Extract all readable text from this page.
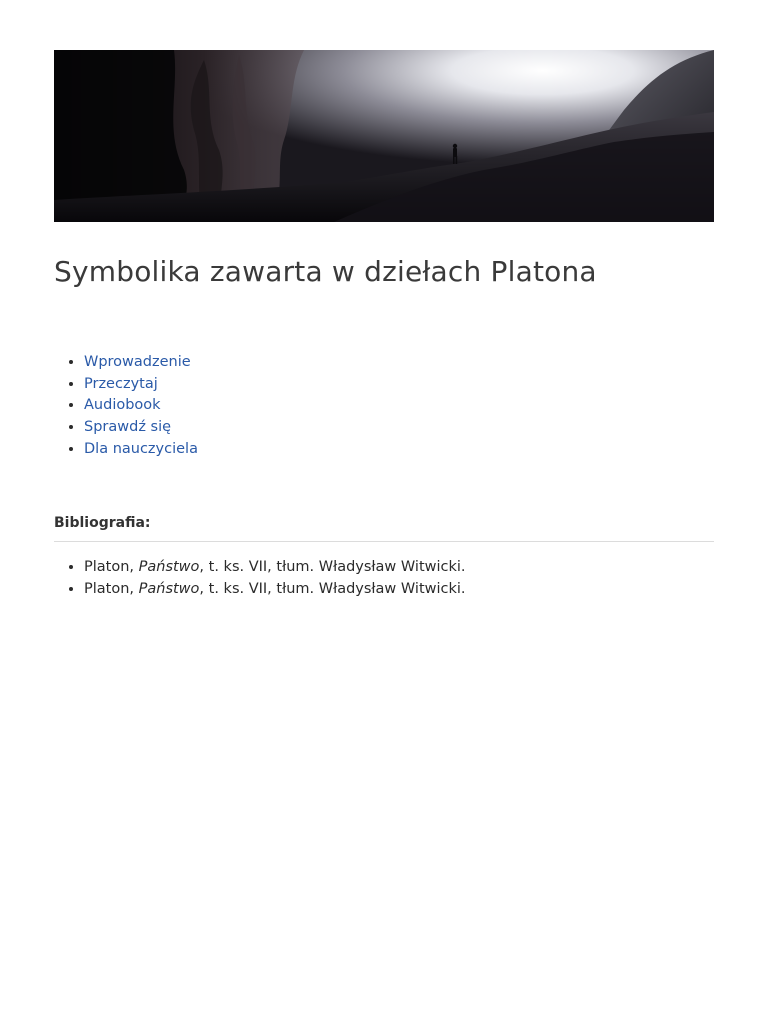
Symbolika zawarta w dziełach Platona
• Wprowadzenie
• Przeczytaj
• Audiobook
• Sprawdź się
• Dla nauczyciela
Bibliografia:
• Platon, Państwo, t. ks. VII, tłum. Władysław Witwicki.
• Platon, Państwo, t. ks. VII, tłum. Władysław Witwicki.
